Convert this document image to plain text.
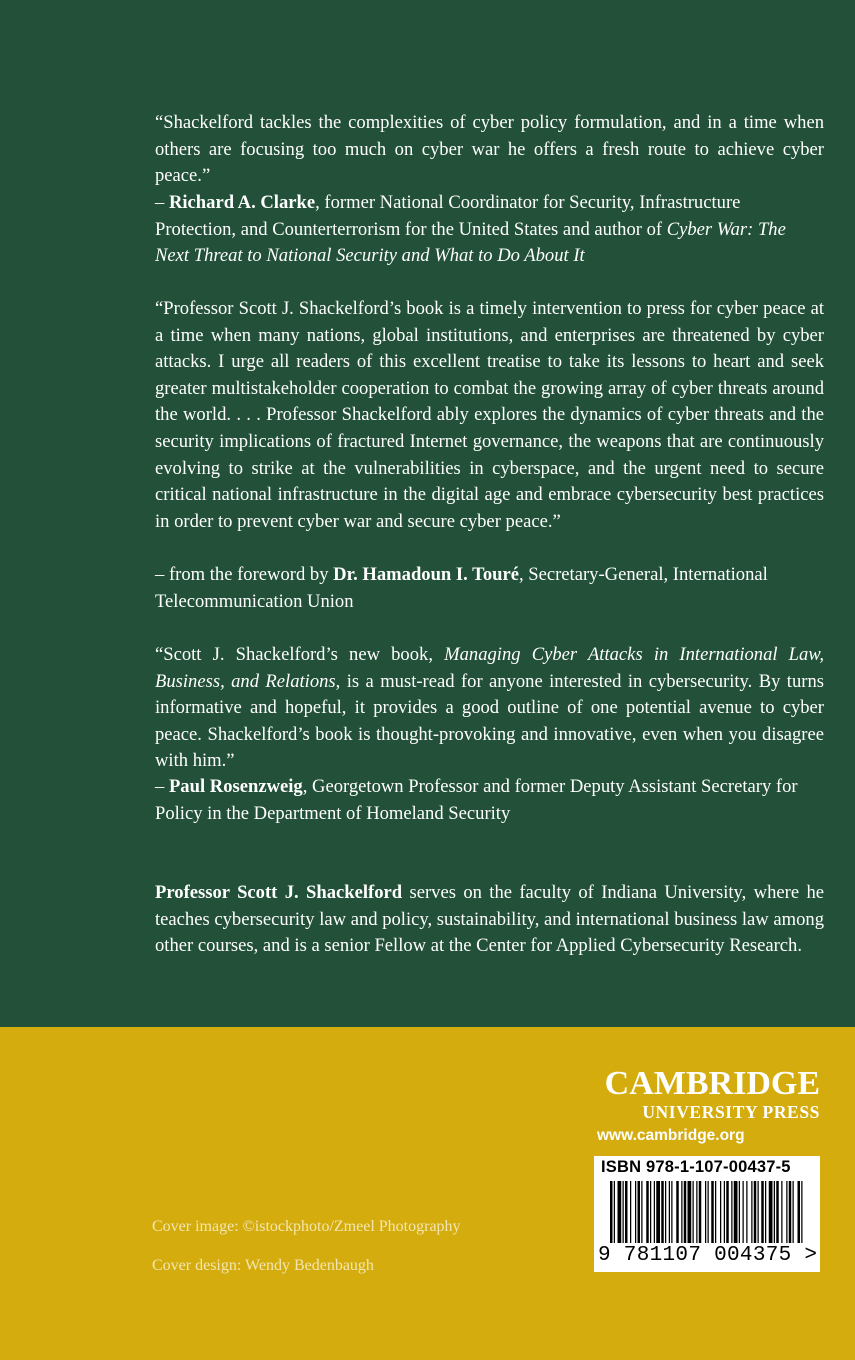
“Shackelford tackles the complexities of cyber policy formulation, and in a time when others are focusing too much on cyber war he offers a fresh route to achieve cyber peace.”

– Richard A. Clarke, former National Coordinator for Security, Infrastructure Protection, and Counterterrorism for the United States and author of Cyber War: The Next Threat to National Security and What to Do About It

“Professor Scott J. Shackelford’s book is a timely intervention to press for cyber peace at a time when many nations, global institutions, and enterprises are threatened by cyber attacks. I urge all readers of this excellent treatise to take its lessons to heart and seek greater multistakeholder cooperation to combat the growing array of cyber threats around the world. . . . Professor Shackelford ably explores the dynamics of cyber threats and the security implications of fractured Internet governance, the weapons that are continuously evolving to strike at the vulnerabilities in cyberspace, and the urgent need to secure critical national infrastructure in the digital age and embrace cybersecurity best practices in order to prevent cyber war and secure cyber peace.”

– from the foreword by Dr. Hamadoun I. Touré, Secretary-General, International Telecommunication Union

“Scott J. Shackelford’s new book, Managing Cyber Attacks in International Law, Business, and Relations, is a must-read for anyone interested in cybersecurity. By turns informative and hopeful, it provides a good outline of one potential avenue to cyber peace. Shackelford’s book is thought-provoking and innovative, even when you disagree with him.”

– Paul Rosenzweig, Georgetown Professor and former Deputy Assistant Secretary for Policy in the Department of Homeland Security

Professor Scott J. Shackelford serves on the faculty of Indiana University, where he teaches cybersecurity law and policy, sustainability, and international business law among other courses, and is a senior Fellow at the Center for Applied Cybersecurity Research.

CAMBRIDGE
UNIVERSITY PRESS
www.cambridge.org
ISBN 978-1-107-00437-5
9 781107 004375 >
Cover image: ©istockphoto/Zmeel Photography
Cover design: Wendy Bedenbaugh
